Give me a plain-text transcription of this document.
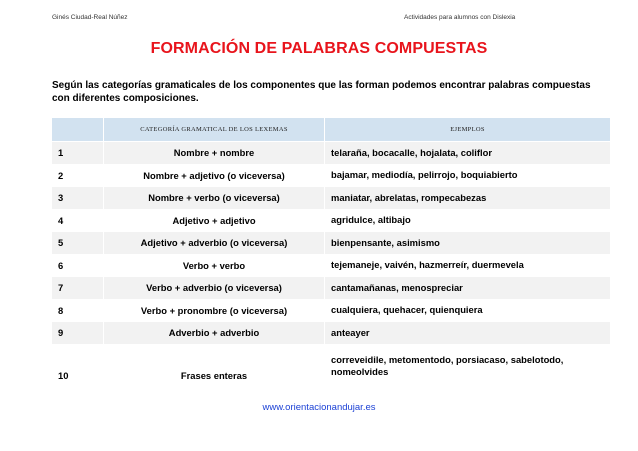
Ginés Ciudad-Real Núñez	Actividades para alumnos con Dislexia
FORMACIÓN DE PALABRAS COMPUESTAS
Según las categorías gramaticales de los componentes que las forman podemos encontrar palabras compuestas con diferentes composiciones.
	CATEGORÍA GRAMATICAL DE LOS LEXEMAS	EJEMPLOS
1	Nombre + nombre	telaraña, bocacalle, hojalata, coliflor
2	Nombre + adjetivo (o viceversa)	bajamar, mediodía, pelirrojo, boquiabierto
3	Nombre + verbo (o viceversa)	maniatar, abrelatas, rompecabezas
4	Adjetivo + adjetivo	agridulce, altibajo
5	Adjetivo + adverbio (o viceversa)	bienpensante, asimismo
6	Verbo + verbo	tejemaneje, vaivén, hazmerreír, duermevela
7	Verbo + adverbio (o viceversa)	cantamañanas, menospreciar
8	Verbo + pronombre (o viceversa)	cualquiera, quehacer, quienquiera
9	Adverbio + adverbio	anteayer
10	Frases enteras	correveidile, metomentodo, porsiacaso, sabelotodo, nomeolvides
www.orientacionandujar.es
